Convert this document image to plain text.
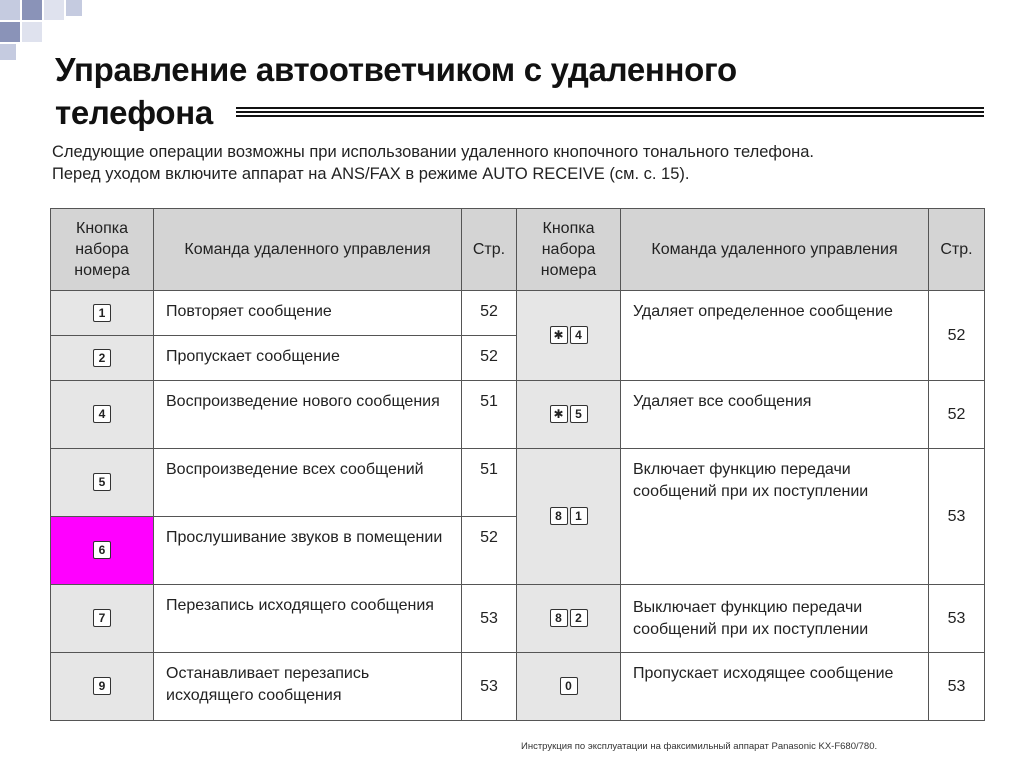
Управление автоответчиком с удаленного
телефона
Следующие операции возможны при использовании удаленного кнопочного тонального телефона.
Перед уходом включите аппарат на ANS/FAX в режиме AUTO RECEIVE (см. с. 15).
Кнопка набора номера	Команда удаленного управления	Стр.	Кнопка набора номера	Команда удаленного управления	Стр.
1	Повторяет сообщение	52	✱ 4	Удаляет определенное сообщение	52
2	Пропускает сообщение	52			
4	Воспроизведение нового сообщения	51	✱ 5	Удаляет все сообщения	52
5	Воспроизведение всех сообщений	51	8 1	Включает функцию передачи сообщений при их поступлении	53
6	Прослушивание звуков в помещении	52			
7	Перезапись исходящего сообщения	53	8 2	Выключает функцию передачи сообщений при их поступлении	53
9	Останавливает перезапись исходящего сообщения	53	0	Пропускает исходящее сообщение	53
Инструкция по эксплуатации на факсимильный аппарат Panasonic KX-F680/780.
